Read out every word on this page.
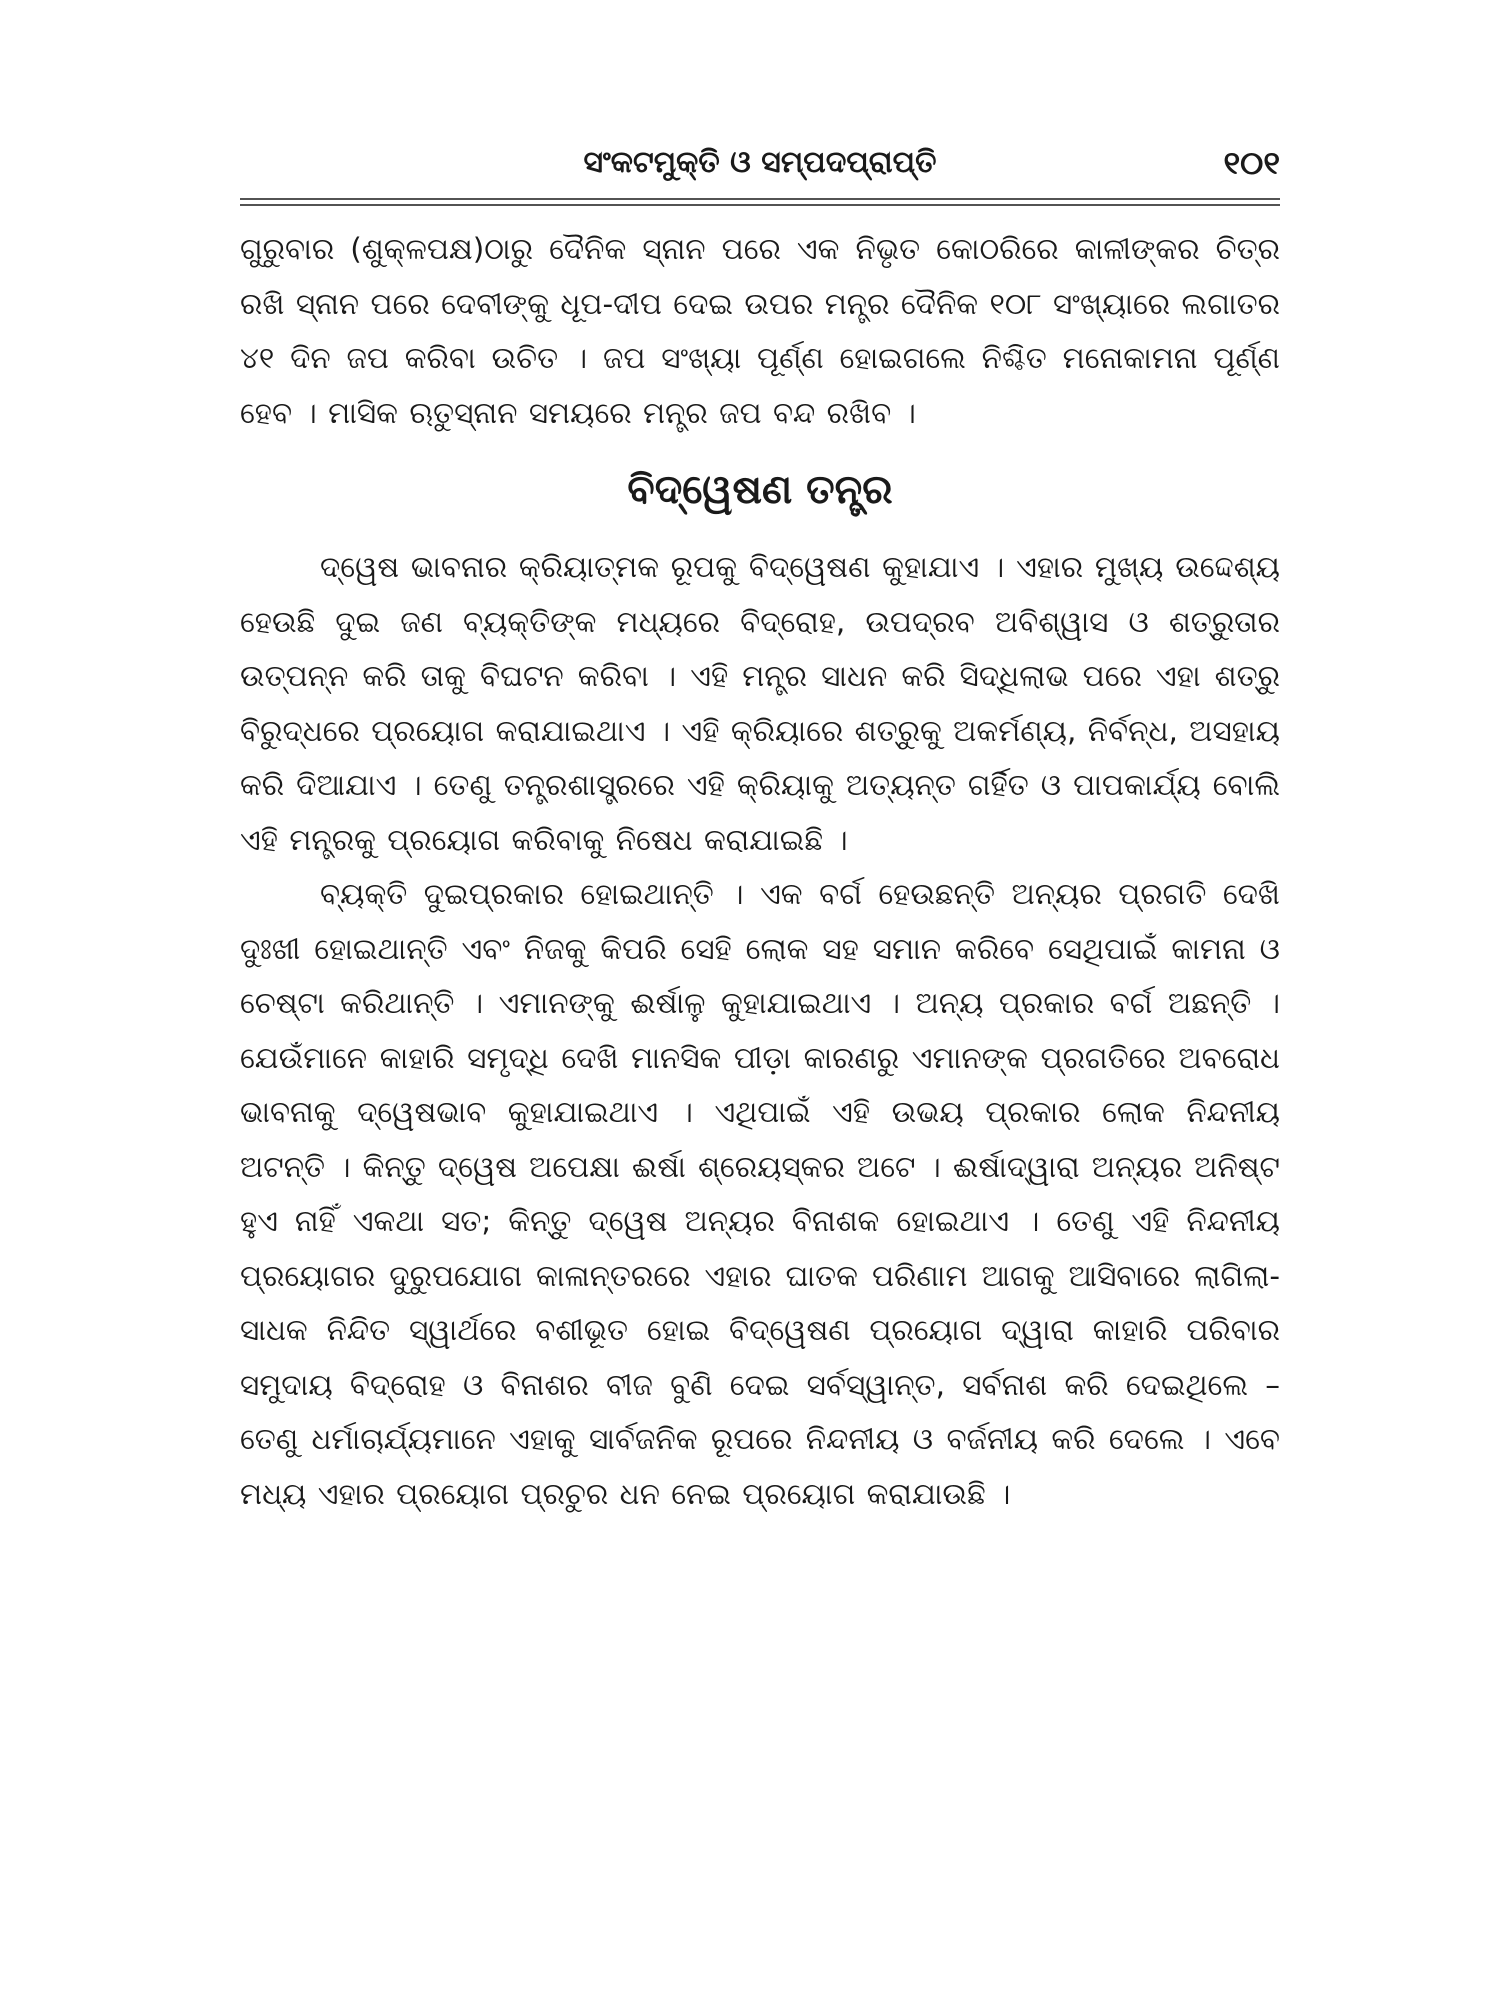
ସଂକଟମୁକ୍ତି ଓ ସମ୍ପଦପ୍ରାପ୍ତି	୧୦୧

ଗୁରୁବାର (ଶୁକ୍ଳପକ୍ଷ)ଠାରୁ ଦୈନିକ ସ୍ନାନ ପରେ ଏକ ନିଭୃତ କୋଠରିରେ କାଳୀଙ୍କର ଚିତ୍ର ରଖି ସ୍ନାନ ପରେ ଦେବୀଙ୍କୁ ଧୂପ-ଦୀପ ଦେଇ ଉପର ମନ୍ତ୍ର ଦୈନିକ ୧୦୮ ସଂଖ୍ୟାରେ ଲଗାତର ୪୧ ଦିନ ଜପ କରିବା ଉଚିତ । ଜପ ସଂଖ୍ୟା ପୂର୍ଣ୍ଣ ହୋଇଗଲେ ନିଶ୍ଚିତ ମନୋକାମନା ପୂର୍ଣ୍ଣ ହେବ । ମାସିକ ଋତୁସ୍ନାନ ସମୟରେ ମନ୍ତ୍ର ଜପ ବନ୍ଦ ରଖିବ ।

ବିଦ୍ୱେଷଣ ତନ୍ତ୍ର

ଦ୍ୱେଷ ଭାବନାର କ୍ରିୟାତ୍ମକ ରୂପକୁ ବିଦ୍ୱେଷଣ କୁହାଯାଏ । ଏହାର ମୁଖ୍ୟ ଉଦ୍ଦେଶ୍ୟ ହେଉଛି ଦୁଇ ଜଣ ବ୍ୟକ୍ତିଙ୍କ ମଧ୍ୟରେ ବିଦ୍ରୋହ, ଉପଦ୍ରବ ଅବିଶ୍ୱାସ ଓ ଶତ୍ରୁତାର ଉତ୍ପନ୍ନ କରି ତାକୁ ବିଘଟନ କରିବା । ଏହି ମନ୍ତ୍ର ସାଧନ କରି ସିଦ୍ଧିଲାଭ ପରେ ଏହା ଶତ୍ରୁ ବିରୁଦ୍ଧରେ ପ୍ରୟୋଗ କରାଯାଇଥାଏ । ଏହି କ୍ରିୟାରେ ଶତ୍ରୁକୁ ଅକର୍ମଣ୍ୟ, ନିର୍ବନ୍ଧ, ଅସହାୟ କରି ଦିଆଯାଏ । ତେଣୁ ତନ୍ତ୍ରଶାସ୍ତ୍ରରେ ଏହି କ୍ରିୟାକୁ ଅତ୍ୟନ୍ତ ଗର୍ହିତ ଓ ପାପକାର୍ଯ୍ୟ ବୋଲି ଏହି ମନ୍ତ୍ରକୁ ପ୍ରୟୋଗ କରିବାକୁ ନିଷେଧ କରାଯାଇଛି ।

ବ୍ୟକ୍ତି ଦୁଇପ୍ରକାର ହୋଇଥାନ୍ତି । ଏକ ବର୍ଗ ହେଉଛନ୍ତି ଅନ୍ୟର ପ୍ରଗତି ଦେଖି ଦୁଃଖୀ ହୋଇଥାନ୍ତି ଏବଂ ନିଜକୁ କିପରି ସେହି ଲୋକ ସହ ସମାନ କରିବେ ସେଥିପାଇଁ କାମନା ଓ ଚେଷ୍ଟା କରିଥାନ୍ତି । ଏମାନଙ୍କୁ ଈର୍ଷାଳୁ କୁହାଯାଇଥାଏ । ଅନ୍ୟ ପ୍ରକାର ବର୍ଗ ଅଛନ୍ତି । ଯେଉଁମାନେ କାହାରି ସମୃଦ୍ଧି ଦେଖି ମାନସିକ ପୀଡ଼ା କାରଣରୁ ଏମାନଙ୍କ ପ୍ରଗତିରେ ଅବରୋଧ ଭାବନାକୁ ଦ୍ୱେଷଭାବ କୁହାଯାଇଥାଏ । ଏଥିପାଇଁ ଏହି ଉଭୟ ପ୍ରକାର ଲୋକ ନିନ୍ଦନୀୟ ଅଟନ୍ତି । କିନ୍ତୁ ଦ୍ୱେଷ ଅପେକ୍ଷା ଈର୍ଷା ଶ୍ରେୟସ୍କର ଅଟେ । ଈର୍ଷାଦ୍ୱାରା ଅନ୍ୟର ଅନିଷ୍ଟ ହୁଏ ନାହିଁ ଏକଥା ସତ; କିନ୍ତୁ ଦ୍ୱେଷ ଅନ୍ୟର ବିନାଶକ ହୋଇଥାଏ । ତେଣୁ ଏହି ନିନ୍ଦନୀୟ ପ୍ରୟୋଗର ଦୁରୁପଯୋଗ କାଳାନ୍ତରରେ ଏହାର ଘାତକ ପରିଣାମ ଆଗକୁ ଆସିବାରେ ଲାଗିଲା- ସାଧକ ନିନ୍ଦିତ ସ୍ୱାର୍ଥରେ ବଶୀଭୂତ ହୋଇ ବିଦ୍ୱେଷଣ ପ୍ରୟୋଗ ଦ୍ୱାରା କାହାରି ପରିବାର ସମୁଦାୟ ବିଦ୍ରୋହ ଓ ବିନାଶର ବୀଜ ବୁଣି ଦେଇ ସର୍ବସ୍ୱାନ୍ତ, ସର୍ବନାଶ କରି ଦେଇଥିଲେ – ତେଣୁ ଧର୍ମାଚାର୍ଯ୍ୟମାନେ ଏହାକୁ ସାର୍ବଜନିକ ରୂପରେ ନିନ୍ଦନୀୟ ଓ ବର୍ଜନୀୟ କରି ଦେଲେ । ଏବେ ମଧ୍ୟ ଏହାର ପ୍ରୟୋଗ ପ୍ରଚୁର ଧନ ନେଇ ପ୍ରୟୋଗ କରାଯାଉଛି ।
